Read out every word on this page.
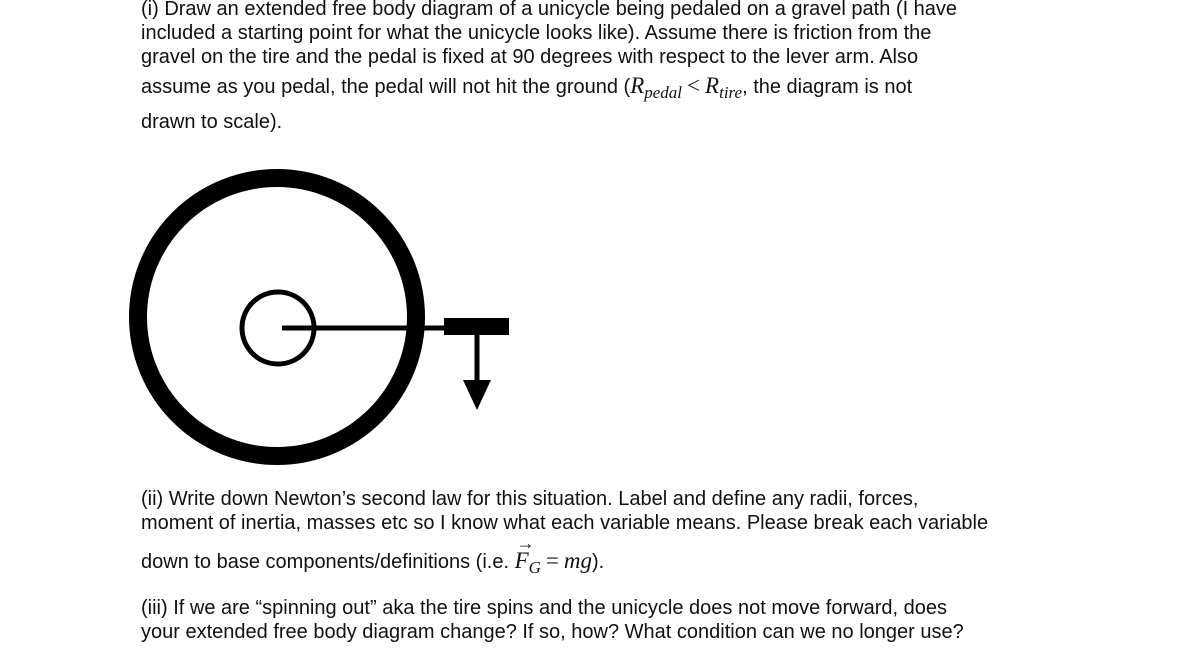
(i) Draw an extended free body diagram of a unicycle being pedaled on a gravel path (I have
included a starting point for what the unicycle looks like). Assume there is friction from the
gravel on the tire and the pedal is fixed at 90 degrees with respect to the lever arm. Also
assume as you pedal, the pedal will not hit the ground ($R_{pedal} < R_{tire}$, the diagram is not
drawn to scale).
(ii) Write down Newton’s second law for this situation. Label and define any radii, forces,
moment of inertia, masses etc so I know what each variable means. Please break each variable
down to base components/definitions (i.e.
→
$F_G = mg$).
(iii) If we are “spinning out” aka the tire spins and the unicycle does not move forward, does
your extended free body diagram change? If so, how? What condition can we no longer use?
